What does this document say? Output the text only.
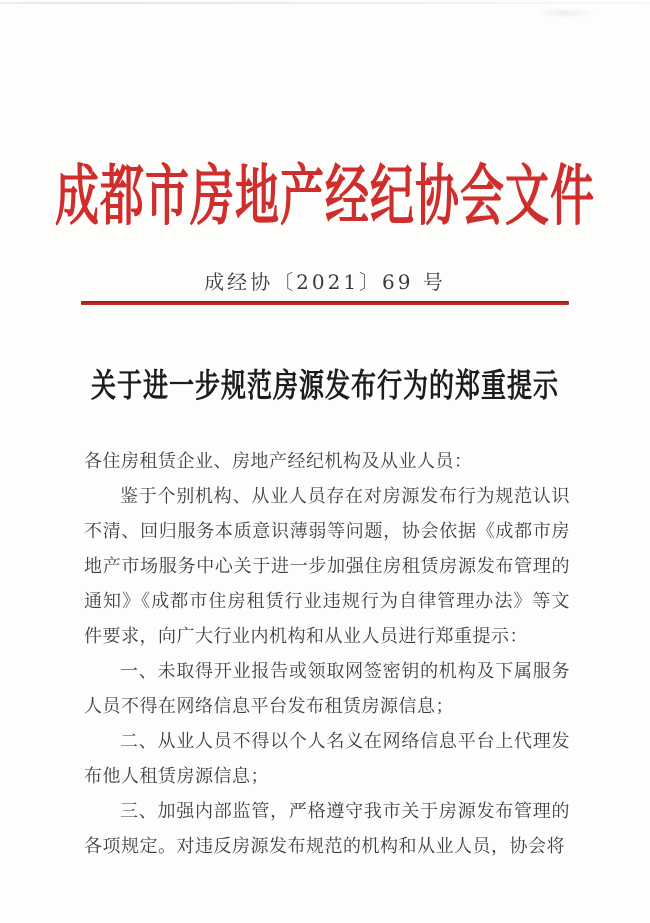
成都市房地产经纪协会文件
成经协〔2021〕69 号
关于进一步规范房源发布行为的郑重提示

各住房租赁企业、房地产经纪机构及从业人员：

鉴于个别机构、从业人员存在对房源发布行为规范认识不清、回归服务本质意识薄弱等问题，协会依据《成都市房地产市场服务中心关于进一步加强住房租赁房源发布管理的通知》《成都市住房租赁行业违规行为自律管理办法》等文件要求，向广大行业内机构和从业人员进行郑重提示：

一、未取得开业报告或领取网签密钥的机构及下属服务人员不得在网络信息平台发布租赁房源信息；

二、从业人员不得以个人名义在网络信息平台上代理发布他人租赁房源信息；

三、加强内部监管，严格遵守我市关于房源发布管理的各项规定。对违反房源发布规范的机构和从业人员，协会将
